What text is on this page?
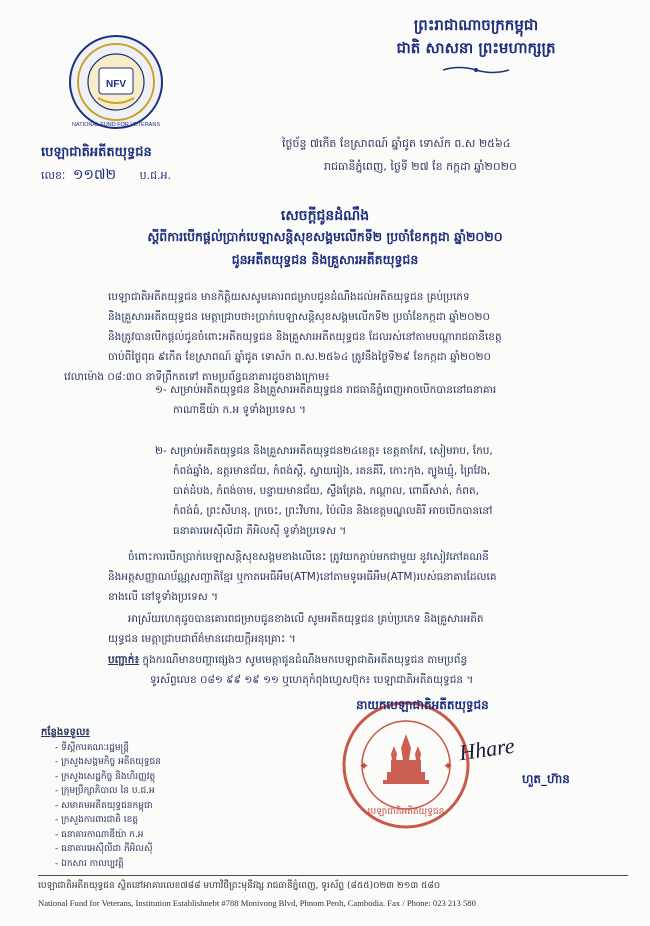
ព្រះរាជាណាចក្រកម្ពុជា
ជាតិ សាសនា ព្រះមហាក្សត្រ
NFV
NATIONAL FUND FOR VETERANS
បេឡាជាតិអតីតយុទ្ធជន
លេខៈ ១១៧២ ប.ជ.អ.
ថ្ងៃច័ន្ទ ៧កើត ខែស្រាពណ៍ ឆ្នាំជូត ទោស័ក ព.ស ២៥៦៤
រាជធានីភ្នំពេញ, ថ្ងៃទី ២៧ ខែ កក្កដា ឆ្នាំ២០២០
សេចក្តីជូនដំណឹង
ស្តីពីការបើកផ្តល់ប្រាក់បេឡាសន្តិសុខសង្គមលើកទី២ ប្រចាំខែកក្កដា ឆ្នាំ២០២០
ជូនអតីតយុទ្ធជន និងគ្រួសារអតីតយុទ្ធជន
បេឡាជាតិអតីតយុទ្ធជន មានកិត្តិយសសូមគោរពជម្រាបជូនដំណឹងដល់អតីតយុទ្ធជន គ្រប់ប្រភេទ
និងគ្រួសារអតីតយុទ្ធជន មេត្តាជ្រាបថា៖ប្រាក់បេឡាសន្តិសុខសង្គមលើកទី២ ប្រចាំខែកក្កដា ឆ្នាំ២០២០
និងត្រូវបានបើកផ្តល់ជូនចំពោះអតីតយុទ្ធជន និងគ្រួសារអតីតយុទ្ធជន ដែលរស់នៅតាមបណ្តារាជធានីខេត្ត
ចាប់ពីថ្ងៃពុធ ៩កើត ខែស្រាពណ៍ ឆ្នាំជូត ទោស័ក ព.ស.២៥៦៤ ត្រូវនឹងថ្ងៃទី២៩ ខែកក្កដា ឆ្នាំ២០២០
វេលាម៉ោង ០៨:៣០ នាទីព្រឹកតទៅ តាមប្រព័ន្ធធនាគារដូចខាងក្រោម៖
១- សម្រាប់អតីតយុទ្ធជន និងគ្រួសារអតីតយុទ្ធជន រាជធានីភ្នំពេញអាចបើកបាននៅធនាគារ
កាណាឌីយ៉ា ក.អ ទូទាំងប្រទេស ។
២- សម្រាប់អតីតយុទ្ធជន និងគ្រួសារអតីតយុទ្ធជន២៤ខេត្ត៖ ខេត្តតាកែវ, សៀមរាប, កែប,
កំពង់ឆ្នាំង, ឧត្តរមានជ័យ, កំពង់ស្ពឺ, ស្វាយរៀង, រតនគីរី, កោះកុង, ត្បូងឃ្មុំ, ព្រៃវែង,
បាត់ដំបង, កំពង់ចាម, បន្ទាយមានជ័យ, ស្ទឹងត្រែង, កណ្តាល, ពោធិ៍សាត់, កំពត,
កំពង់ធំ, ព្រះសីហនុ, ក្រចេះ, ព្រះវិហារ, ប៉ៃលិន និងខេត្តមណ្ឌលគិរី អាចបើកបាននៅ
ធនាគារអេស៊ីលីដា ភីអិលស៊ី ទូទាំងប្រទេស ។
ចំពោះការបើកប្រាក់បេឡាសន្តិសុខសង្គមខាងលើនេះ ត្រូវយកភ្ជាប់មកជាមួយ នូវសៀវភៅគណនី
និងអត្តសញ្ញាណប័ណ្ណសញ្ជាតិខ្មែរ ឬកាតអេធីអឹម(ATM)នៅតាមទូអេធីអឹម(ATM)របស់ធនាគារដែលគេ
ខាងលើ នៅទូទាំងប្រទេស ។
អាស្រ័យហេតុដូចបានគោរពជម្រាបជូនខាងលើ សូមអតីតយុទ្ធជន គ្រប់ប្រភេទ និងគ្រួសារអតីត
យុទ្ធជន មេត្តាជ្រាបជាព័ត៌មានដោយក្តីអនុគ្រោះ ។
បញ្ជាក់៖ ក្នុងករណីមានបញ្ហាផ្សេងៗ សូមមេត្តាជូនដំណឹងមកបេឡាជាតិអតីតយុទ្ធជន តាមប្រព័ន្ធ
ទូរស័ព្ទលេខ ០៨១ ៩៩ ១៩ ១១ ឬហេតុកំពុងហ្វេសប៊ុក៖ បេឡាជាតិអតីតយុទ្ធជន ។
កន្លែងទទួល៖
- ទីស្តីការគណៈរដ្ឋមន្ត្រី
- ក្រសួងសង្គមកិច្ច អតីតយុទ្ធជន
- ក្រសួងសេដ្ឋកិច្ច និងហិរញ្ញវត្ថុ
- ក្រុមប្រឹក្សាភិបាល នៃ ប.ជ.អ
- សមាគមអតីតយុទ្ធជនកម្ពុជា
- ក្រសួងការពារជាតិ ខេត្ត
- ធនាគារកាណាឌីយ៉ា ក.អ
- ធនាគារអេស៊ីលីដា ភីអិលស៊ី
- ឯកសារ កាលប្បវត្តិ
បេឡាជាតិអតីតយុទ្ធជន
✦	✦
នាយកបេឡាជាតិអតីតយុទ្ធជន
Hhare
ហួត_ហ៊ាន
បេឡាជាតិអតីតយុទ្ធជន ស្ថិតនៅអាគារលេខ៧៨៨ មហាវិថីព្រះមុនីវង្ស រាជធានីភ្នំពេញ, ទូរស័ព្ទ (៨៥៥)០២៣ ២១៣ ៥៨០
National Fund for Veterans, Institution Establishnebt #788 Monivong Blvd, Phnom Penh, Cambodia. Fax / Phone: 023 213 580
